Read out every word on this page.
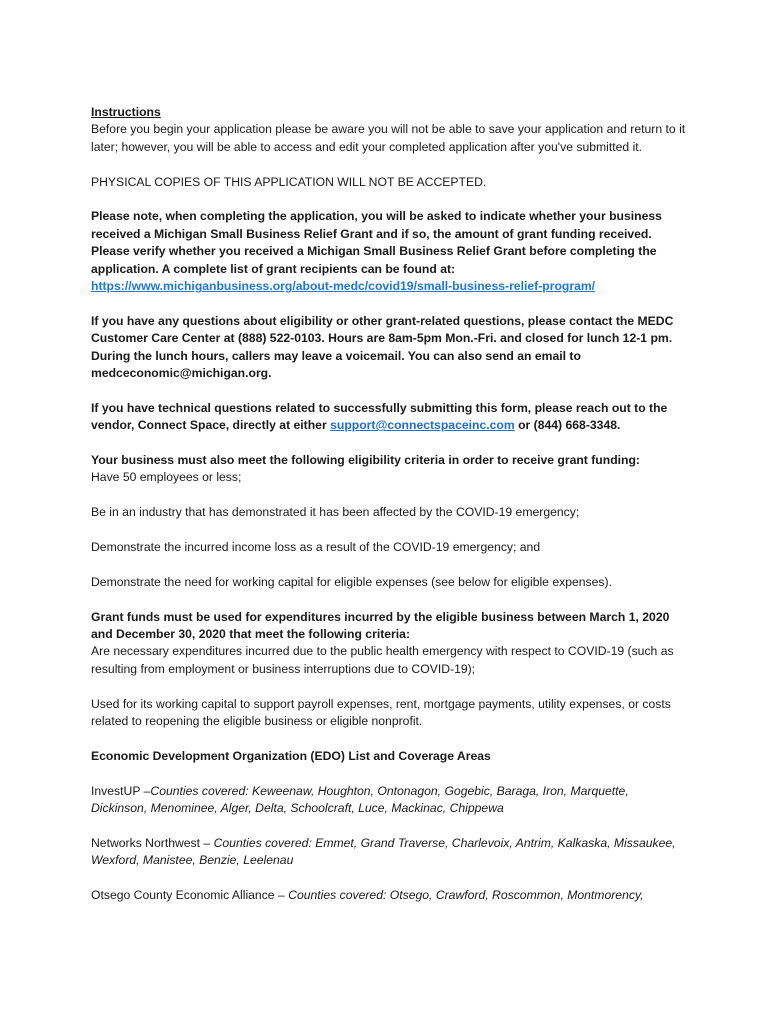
Instructions

Before you begin your application please be aware you will not be able to save your application and return to it later; however, you will be able to access and edit your completed application after you've submitted it.

PHYSICAL COPIES OF THIS APPLICATION WILL NOT BE ACCEPTED.

Please note, when completing the application, you will be asked to indicate whether your business received a Michigan Small Business Relief Grant and if so, the amount of grant funding received. Please verify whether you received a Michigan Small Business Relief Grant before completing the application. A complete list of grant recipients can be found at: https://www.michiganbusiness.org/about-medc/covid19/small-business-relief-program/

If you have any questions about eligibility or other grant-related questions, please contact the MEDC Customer Care Center at (888) 522-0103. Hours are 8am-5pm Mon.-Fri. and closed for lunch 12-1 pm. During the lunch hours, callers may leave a voicemail. You can also send an email to medceconomic@michigan.org.

If you have technical questions related to successfully submitting this form, please reach out to the vendor, Connect Space, directly at either support@connectspaceinc.com or (844) 668-3348.

Your business must also meet the following eligibility criteria in order to receive grant funding:

Have 50 employees or less;

Be in an industry that has demonstrated it has been affected by the COVID-19 emergency;

Demonstrate the incurred income loss as a result of the COVID-19 emergency; and

Demonstrate the need for working capital for eligible expenses (see below for eligible expenses).

Grant funds must be used for expenditures incurred by the eligible business between March 1, 2020 and December 30, 2020 that meet the following criteria:

Are necessary expenditures incurred due to the public health emergency with respect to COVID-19 (such as resulting from employment or business interruptions due to COVID-19);

Used for its working capital to support payroll expenses, rent, mortgage payments, utility expenses, or costs related to reopening the eligible business or eligible nonprofit.

Economic Development Organization (EDO) List and Coverage Areas

InvestUP –Counties covered: Keweenaw, Houghton, Ontonagon, Gogebic, Baraga, Iron, Marquette, Dickinson, Menominee, Alger, Delta, Schoolcraft, Luce, Mackinac, Chippewa

Networks Northwest – Counties covered: Emmet, Grand Traverse, Charlevoix, Antrim, Kalkaska, Missaukee, Wexford, Manistee, Benzie, Leelenau

Otsego County Economic Alliance – Counties covered: Otsego, Crawford, Roscommon, Montmorency,
